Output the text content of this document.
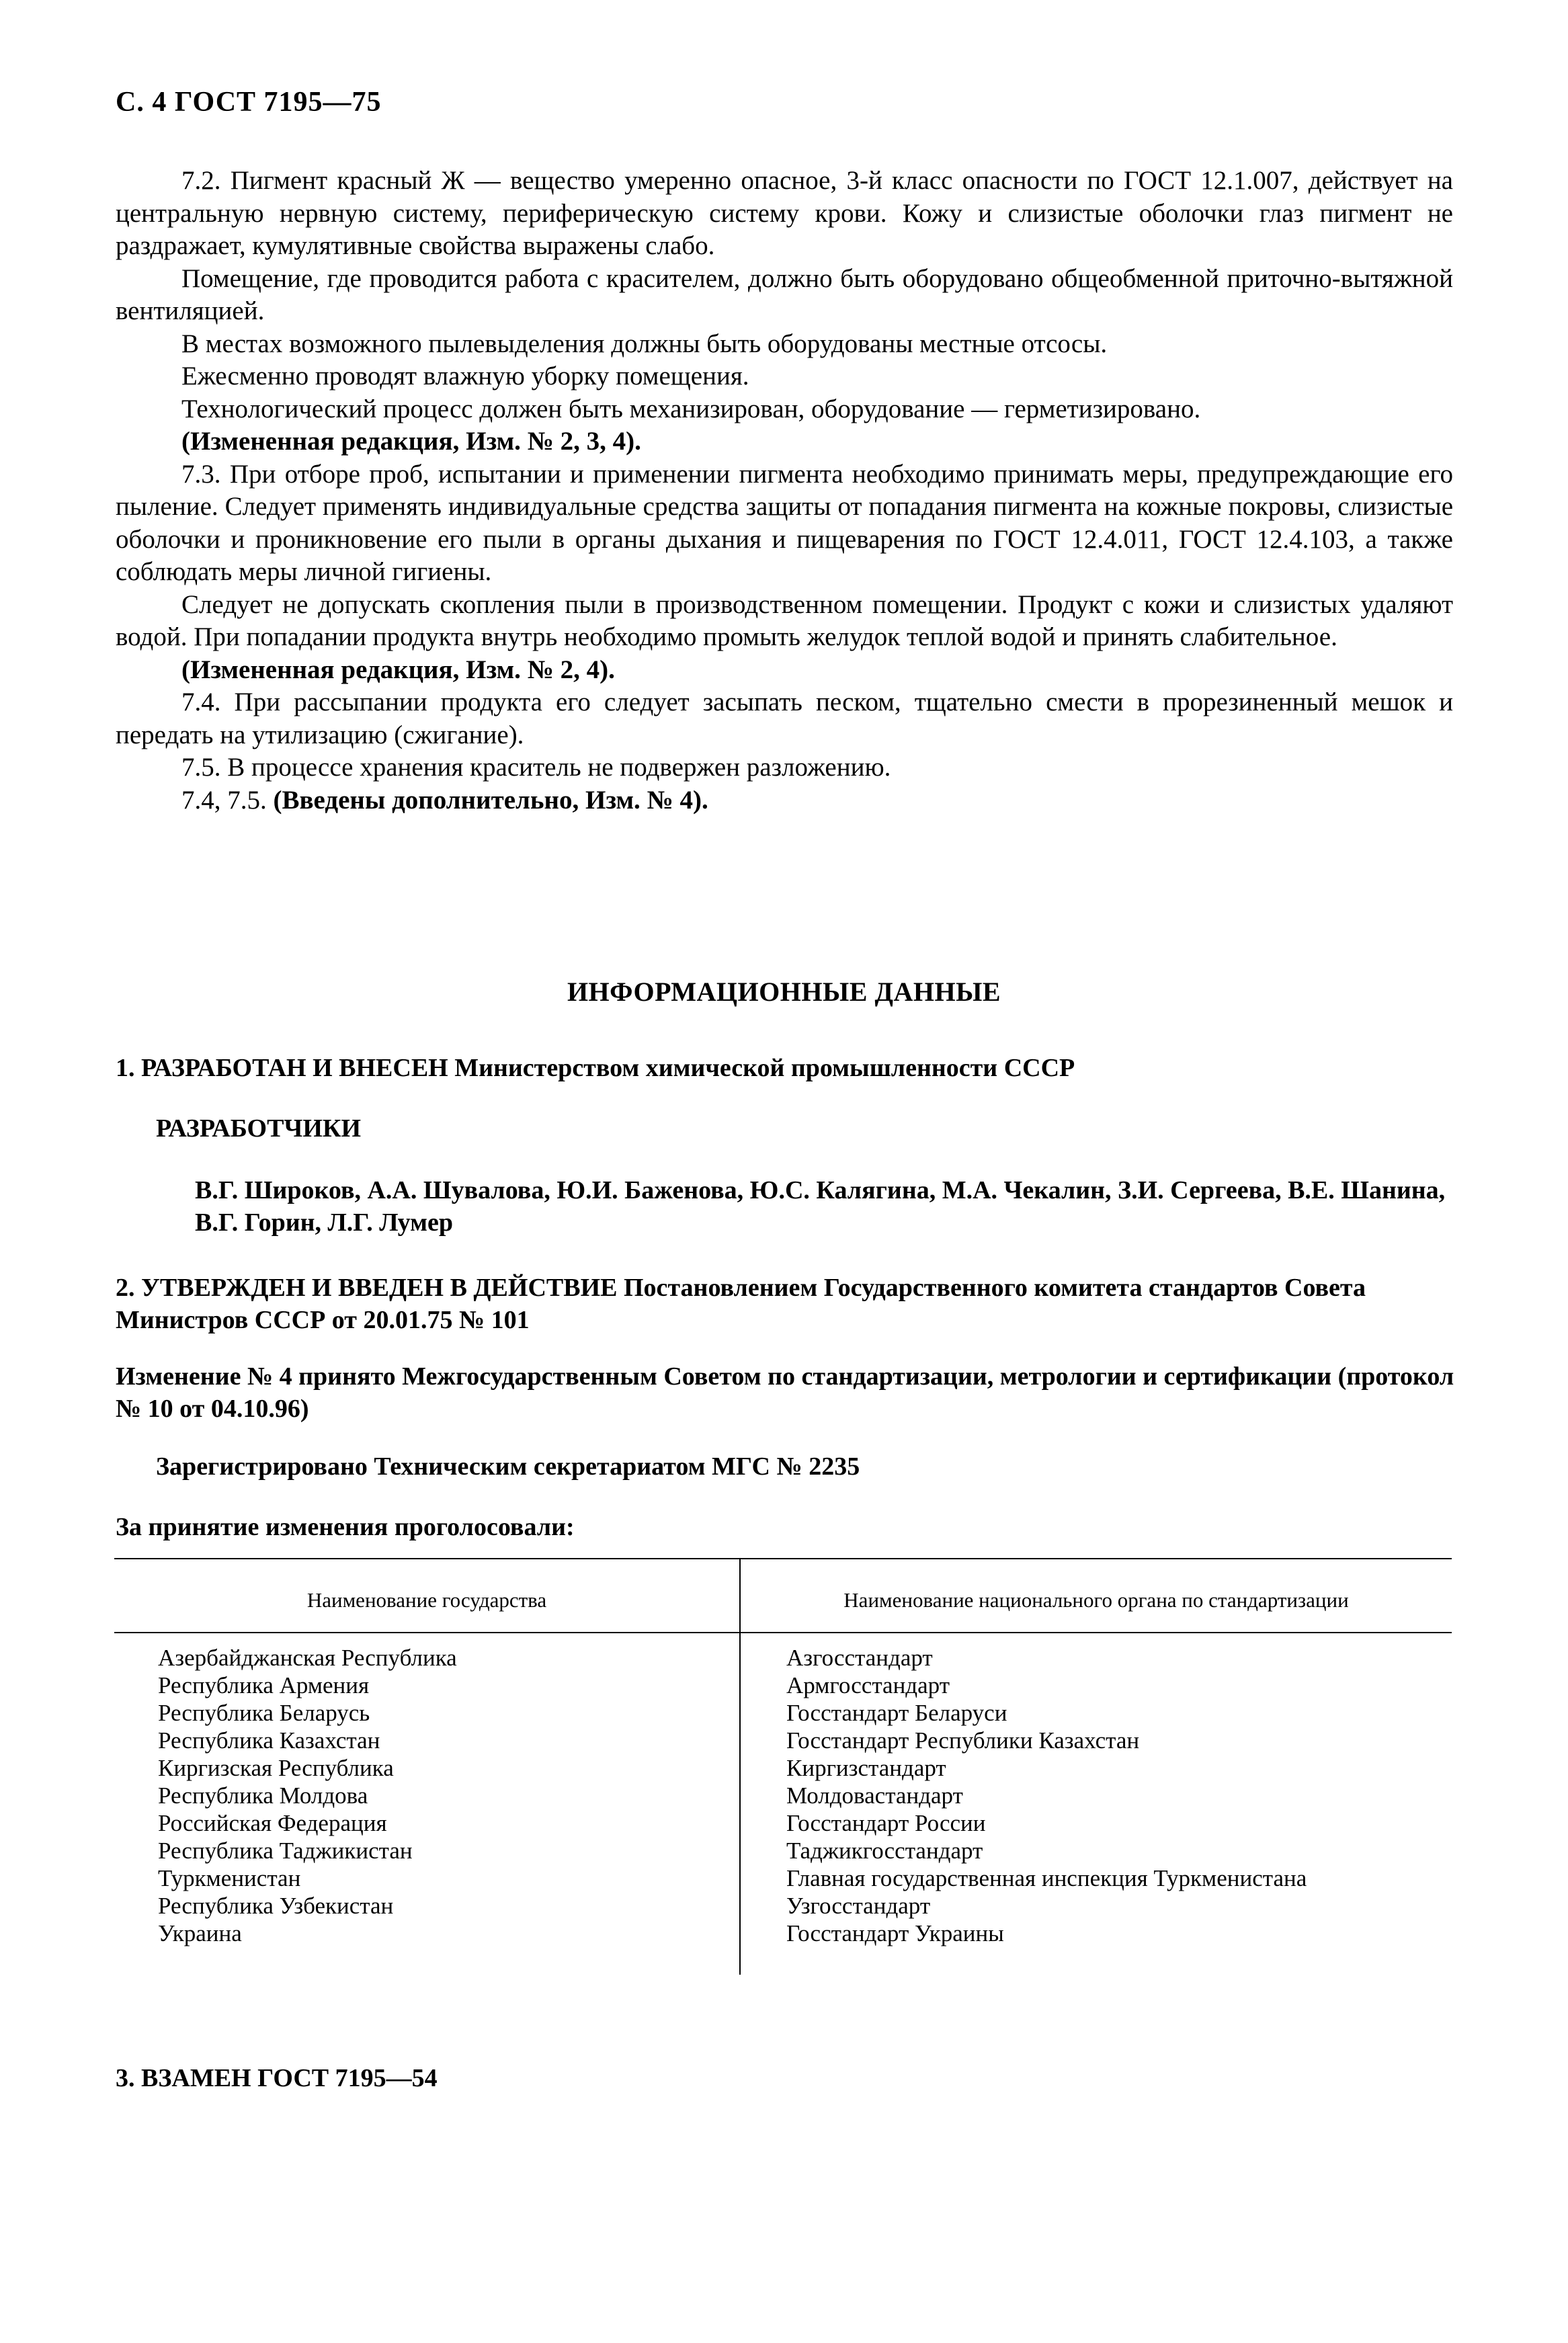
С. 4 ГОСТ 7195—75

7.2. Пигмент красный Ж — вещество умеренно опасное, 3-й класс опасности по ГОСТ 12.1.007, действует на центральную нервную систему, периферическую систему крови. Кожу и слизистые оболочки глаз пигмент не раздражает, кумулятивные свойства выражены слабо.

Помещение, где проводится работа с красителем, должно быть оборудовано общеобменной приточно-вытяжной вентиляцией.

В местах возможного пылевыделения должны быть оборудованы местные отсосы.

Ежесменно проводят влажную уборку помещения.

Технологический процесс должен быть механизирован, оборудование — герметизировано.

(Измененная редакция, Изм. № 2, 3, 4).

7.3. При отборе проб, испытании и применении пигмента необходимо принимать меры, предупреждающие его пыление. Следует применять индивидуальные средства защиты от попадания пигмента на кожные покровы, слизистые оболочки и проникновение его пыли в органы дыхания и пищеварения по ГОСТ 12.4.011, ГОСТ 12.4.103, а также соблюдать меры личной гигиены.

Следует не допускать скопления пыли в производственном помещении. Продукт с кожи и слизистых удаляют водой. При попадании продукта внутрь необходимо промыть желудок теплой водой и принять слабительное.

(Измененная редакция, Изм. № 2, 4).

7.4. При рассыпании продукта его следует засыпать песком, тщательно смести в прорезиненный мешок и передать на утилизацию (сжигание).

7.5. В процессе хранения краситель не подвержен разложению.

7.4, 7.5. (Введены дополнительно, Изм. № 4).

ИНФОРМАЦИОННЫЕ ДАННЫЕ
1. РАЗРАБОТАН И ВНЕСЕН Министерством химической промышленности СССР
РАЗРАБОТЧИКИ
В.Г. Широков, А.А. Шувалова, Ю.И. Баженова, Ю.С. Калягина, М.А. Чекалин, З.И. Сергеева, В.Е. Шанина, В.Г. Горин, Л.Г. Лумер
2. УТВЕРЖДЕН И ВВЕДЕН В ДЕЙСТВИЕ Постановлением Государственного комитета стандартов Совета Министров СССР от 20.01.75 № 101
Изменение № 4 принято Межгосударственным Советом по стандартизации, метрологии и сертификации (протокол № 10 от 04.10.96)
Зарегистрировано Техническим секретариатом МГС № 2235
За принятие изменения проголосовали:
Наименование государства	Наименование национального органа по стандартизации
Азербайджанская Республика
Республика Армения
Республика Беларусь
Республика Казахстан
Киргизская Республика
Республика Молдова
Российская Федерация
Республика Таджикистан
Туркменистан
Республика Узбекистан
Украина
Азгосстандарт
Армгосстандарт
Госстандарт Беларуси
Госстандарт Республики Казахстан
Киргизстандарт
Молдовастандарт
Госстандарт России
Таджикгосстандарт
Главная государственная инспекция Туркменистана
Узгосстандарт
Госстандарт Украины
3. ВЗАМЕН ГОСТ 7195—54
